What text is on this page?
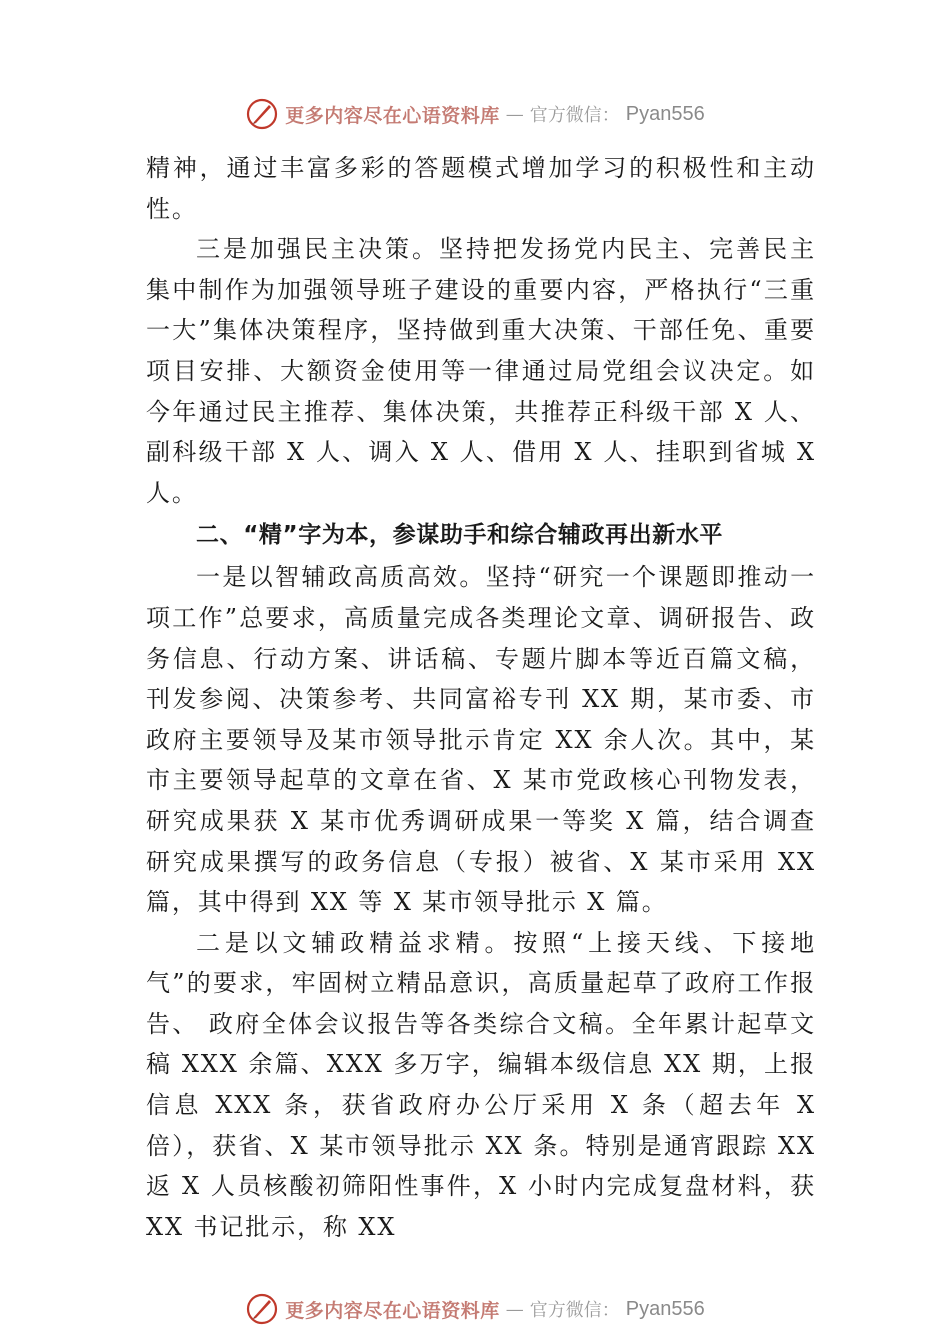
更多内容尽在心语资料库 — 官方微信： Pyan556

精神，通过丰富多彩的答题模式增加学习的积极性和主动性。

三是加强民主决策。坚持把发扬党内民主、完善民主集中制作为加强领导班子建设的重要内容，严格执行“三重一大”集体决策程序，坚持做到重大决策、干部任免、重要项目安排、大额资金使用等一律通过局党组会议决定。如今年通过民主推荐、集体决策，共推荐正科级干部 X 人、副科级干部 X 人、调入 X 人、借用 X 人、挂职到省城 X 人。

二、“精”字为本，参谋助手和综合辅政再出新水平

一是以智辅政高质高效。坚持“研究一个课题即推动一项工作”总要求，高质量完成各类理论文章、调研报告、政务信息、行动方案、讲话稿、专题片脚本等近百篇文稿，刊发参阅、决策参考、共同富裕专刊 XX 期，某市委、市政府主要领导及某市领导批示肯定 XX 余人次。其中，某市主要领导起草的文章在省、X 某市党政核心刊物发表，研究成果获 X 某市优秀调研成果一等奖 X 篇，结合调查研究成果撰写的政务信息（专报）被省、X 某市采用 XX 篇，其中得到 XX 等 X 某市领导批示 X 篇。

二是以文辅政精益求精。按照“上接天线、下接地气”的要求，牢固树立精品意识，高质量起草了政府工作报告、 政府全体会议报告等各类综合文稿。全年累计起草文稿 XXX 余篇、XXX 多万字，编辑本级信息 XX 期，上报信息 XXX 条，获省政府办公厅采用 X 条（超去年 X 倍），获省、X 某市领导批示 XX 条。特别是通宵跟踪 XX 返 X 人员核酸初筛阳性事件，X 小时内完成复盘材料，获 XX 书记批示，称 XX

更多内容尽在心语资料库 — 官方微信： Pyan556
